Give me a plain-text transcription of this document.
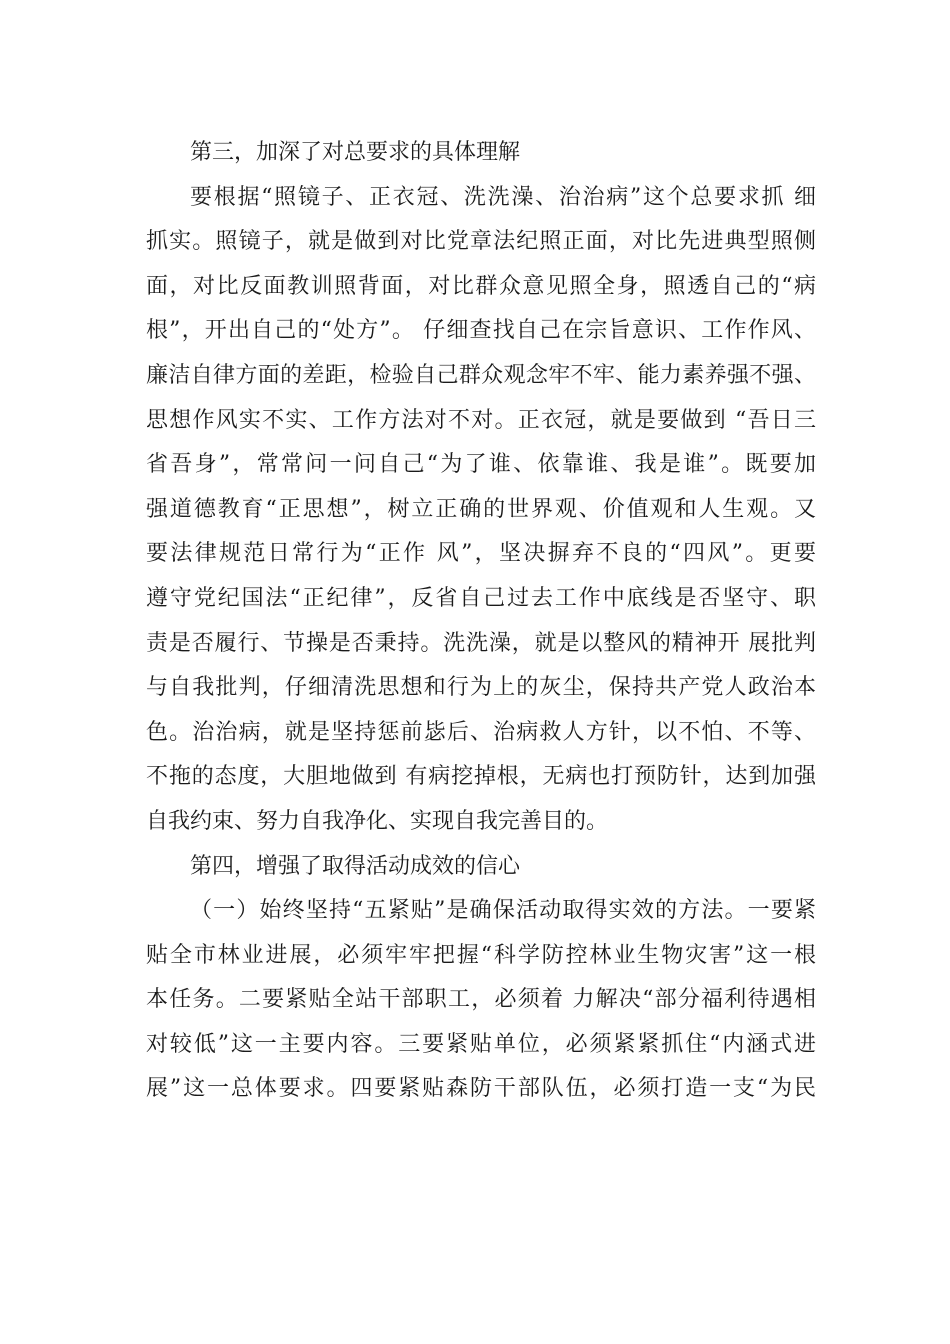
第三，加深了对总要求的具体理解
要根据“照镜子、正衣冠、洗洗澡、治治病”这个总要求抓 细
抓实。照镜子，就是做到对比党章法纪照正面，对比先进典型照侧
面，对比反面教训照背面，对比群众意见照全身，照透自己的“病
根”，开出自己的“处方”。 仔细查找自己在宗旨意识、工作作风、
廉洁自律方面的差距，检验自己群众观念牢不牢、能力素养强不强、
思想作风实不实、工作方法对不对。正衣冠，就是要做到 “吾日三
省吾身”，常常问一问自己“为了谁、依靠谁、我是谁”。既要加
强道德教育“正思想”，树立正确的世界观、价值观和人生观。又
要法律规范日常行为“正作 风”，坚决摒弃不良的“四风”。更要
遵守党纪国法“正纪律”，反省自己过去工作中底线是否坚守、职
责是否履行、节操是否秉持。洗洗澡，就是以整风的精神开 展批判
与自我批判，仔细清洗思想和行为上的灰尘，保持共产党人政治本
色。治治病，就是坚持惩前毖后、治病救人方针，以不怕、不等、
不拖的态度，大胆地做到 有病挖掉根，无病也打预防针，达到加强
自我约束、努力自我净化、实现自我完善目的。
第四，增强了取得活动成效的信心
（一）始终坚持“五紧贴”是确保活动取得实效的方法。一要紧
贴全市林业进展，必须牢牢把握“科学防控林业生物灾害”这一根
本任务。二要紧贴全站干部职工，必须着 力解决“部分福利待遇相
对较低”这一主要内容。三要紧贴单位，必须紧紧抓住“内涵式进
展”这一总体要求。四要紧贴森防干部队伍，必须打造一支“为民
